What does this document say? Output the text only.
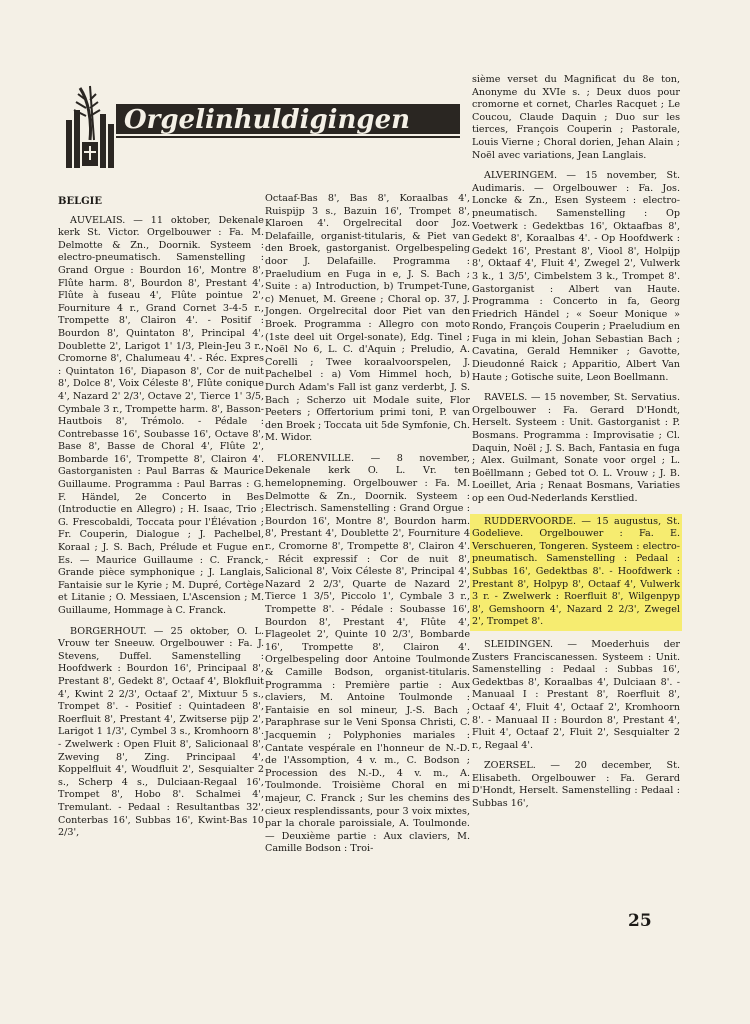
Orgelinhuldigingen
BELGIE

AUVELAIS. — 11 oktober, Dekenale kerk St. Victor. Orgelbouwer : Fa. M. Delmotte & Zn., Doornik. Systeem : electro-pneumatisch. Samenstelling : Grand Orgue : Bourdon 16', Montre 8', Flûte harm. 8', Bourdon 8', Prestant 4', Flûte à fuseau 4', Flûte pointue 2', Fourniture 4 r., Grand Cornet 3-4-5 r., Trompette 8', Clairon 4'. - Positif : Bourdon 8', Quintaton 8', Principal 4', Doublette 2', Larigot 1' 1/3, Plein-Jeu 3 r., Cromorne 8', Chalumeau 4'. - Réc. Expres : Quintaton 16', Diapason 8', Cor de nuit 8', Dolce 8', Voix Céleste 8', Flûte conique 4', Nazard 2' 2/3', Octave 2', Tierce 1' 3/5, Cymbale 3 r., Trompette harm. 8', Basson-Hautbois 8', Trémolo. - Pédale : Contrebasse 16', Soubasse 16', Octave 8', Base 8', Basse de Choral 4', Flûte 2', Bombarde 16', Trompette 8', Clairon 4'. Gastorganisten : Paul Barras & Maurice Guillaume. Programma : Paul Barras : G. F. Händel, 2e Concerto in Bes (Introductie en Allegro) ; H. Isaac, Trio ; G. Frescobaldi, Toccata pour l'Élévation ; Fr. Couperin, Dialogue ; J. Pachelbel, Koraal ; J. S. Bach, Prélude et Fugue en Es. — Maurice Guillaume : C. Franck, Grande pièce symphonique ; J. Langlais, Fantaisie sur le Kyrie ; M. Dupré, Cortège et Litanie ; O. Messiaen, L'Ascension ; M. Guillaume, Hommage à C. Franck.

BORGERHOUT. — 25 oktober, O. L. Vrouw ter Sneeuw. Orgelbouwer : Fa. J. Stevens, Duffel. Samenstelling : Hoofdwerk : Bourdon 16', Principaal 8', Prestant 8', Gedekt 8', Octaaf 4', Blokfluit 4', Kwint 2 2/3', Octaaf 2', Mixtuur 5 s., Trompet 8'. - Positief : Quintadeen 8', Roerfluit 8', Prestant 4', Zwitserse pijp 2', Larigot 1 1/3', Cymbel 3 s., Kromhoorn 8'. - Zwelwerk : Open Fluit 8', Salicionaal 8', Zweving 8', Zing. Principaal 4', Koppelfluit 4', Woudfluit 2', Sesquialter 2 s., Scherp 4 s., Dulciaan-Regaal 16', Trompet 8', Hobo 8'. Schalmei 4', Tremulant. - Pedaal : Resultantbas 32', Conterbas 16', Subbas 16', Kwint-Bas 10 2/3',

Octaaf-Bas 8', Bas 8', Koraalbas 4', Ruispijp 3 s., Bazuin 16', Trompet 8', Klaroen 4'. Orgelrecital door Joz. Delafaille, organist-titularis, & Piet van den Broek, gastorganist. Orgelbespeling door J. Delafaille. Programma : Praeludium en Fuga in e, J. S. Bach ; Suite : a) Introduction, b) Trumpet-Tune, c) Menuet, M. Greene ; Choral op. 37, J. Jongen. Orgelrecital door Piet van den Broek. Programma : Allegro con moto (1ste deel uit Orgel-sonate), Edg. Tinel ; Noël No 6, L. C. d'Aquin ; Preludio, A. Corelli ; Twee koraalvoorspelen, J. Pachelbel : a) Vom Himmel hoch, b) Durch Adam's Fall ist ganz verderbt, J. S. Bach ; Scherzo uit Modale suite, Flor Peeters ; Offertorium primi toni, P. van den Broek ; Toccata uit 5de Symfonie, Ch. M. Widor.

FLORENVILLE. — 8 november, Dekenale kerk O. L. Vr. ten hemelopneming. Orgelbouwer : Fa. M. Delmotte & Zn., Doornik. Systeem : Electrisch. Samenstelling : Grand Orgue : Bourdon 16', Montre 8', Bourdon harm. 8', Prestant 4', Doublette 2', Fourniture 4 r., Cromorne 8', Trompette 8', Clairon 4'. - Récit expressif : Cor de nuit 8', Salicional 8', Voix Céleste 8', Principal 4', Nazard 2 2/3', Quarte de Nazard 2', Tierce 1 3/5', Piccolo 1', Cymbale 3 r., Trompette 8'. - Pédale : Soubasse 16', Bourdon 8', Prestant 4', Flûte 4', Flageolet 2', Quinte 10 2/3', Bombarde 16', Trompette 8', Clairon 4'. Orgelbespeling door Antoine Toulmonde & Camille Bodson, organist-titularis. Programma : Première partie : Aux claviers, M. Antoine Toulmonde : Fantaisie en sol mineur, J.-S. Bach ; Paraphrase sur le Veni Sponsa Christi, C. Jacquemin ; Polyphonies mariales : Cantate vespérale en l'honneur de N.-D. de l'Assomption, 4 v. m., C. Bodson ; Procession des N.-D., 4 v. m., A. Toulmonde. Troisième Choral en mi majeur, C. Franck ; Sur les chemins des cieux resplendissants, pour 3 voix mixtes, par la chorale paroissiale, A. Toulmonde. — Deuxième partie : Aux claviers, M. Camille Bodson : Troi-

sième verset du Magnificat du 8e ton, Anonyme du XVIe s. ; Deux duos pour cromorne et cornet, Charles Racquet ; Le Coucou, Claude Daquin ; Duo sur les tierces, François Couperin ; Pastorale, Louis Vierne ; Choral dorien, Jehan Alain ; Noël avec variations, Jean Langlais.

ALVERINGEM. — 15 november, St. Audimaris. — Orgelbouwer : Fa. Jos. Loncke & Zn., Esen Systeem : electro-pneumatisch. Samenstelling : Op Voetwerk : Gedektbas 16', Oktaafbas 8', Gedekt 8', Koraalbas 4'. - Op Hoofdwerk : Gedekt 16', Prestant 8', Viool 8', Holpijp 8', Oktaaf 4', Fluit 4', Zwegel 2', Vulwerk 3 k., 1 3/5', Cimbelstem 3 k., Trompet 8'. Gastorganist : Albert van Haute. Programma : Concerto in fa, Georg Friedrich Händel ; « Soeur Monique » Rondo, François Couperin ; Praeludium en Fuga in mi klein, Johan Sebastian Bach ; Cavatina, Gerald Hemniker ; Gavotte, Dieudonné Raick ; Apparitio, Albert Van Haute ; Gotische suite, Leon Boellmann.

RAVELS. — 15 november, St. Servatius. Orgelbouwer : Fa. Gerard D'Hondt, Herselt. Systeem : Unit. Gastorganist : P. Bosmans. Programma : Improvisatie ; Cl. Daquin, Noël ; J. S. Bach, Fantasia en fuga ; Alex. Guilmant, Sonate voor orgel ; L. Boëllmann ; Gebed tot O. L. Vrouw ; J. B. Loeillet, Aria ; Renaat Bosmans, Variaties op een Oud-Nederlands Kerstlied.

RUDDERVOORDE. — 15 augustus, St. Godelieve. Orgelbouwer : Fa. E. Verschueren, Tongeren. Systeem : electro-pneumatisch. Samenstelling : Pedaal : Subbas 16', Gedektbas 8'. - Hoofdwerk : Prestant 8', Holpyp 8', Octaaf 4', Vulwerk 3 r. - Zwelwerk : Roerfluit 8', Wilgenpyp 8', Gemshoorn 4', Nazard 2 2/3', Zwegel 2', Trompet 8'.

SLEIDINGEN. — Moederhuis der Zusters Franciscanessen. Systeem : Unit. Samenstelling : Pedaal : Subbas 16', Gedektbas 8', Koraalbas 4', Dulciaan 8'. - Manuaal I : Prestant 8', Roerfluit 8', Octaaf 4', Fluit 4', Octaaf 2', Kromhoorn 8'. - Manuaal II : Bourdon 8', Prestant 4', Fluit 4', Octaaf 2', Fluit 2', Sesquialter 2 r., Regaal 4'.

ZOERSEL. — 20 december, St. Elisabeth. Orgelbouwer : Fa. Gerard D'Hondt, Herselt. Samenstelling : Pedaal : Subbas 16',

25
